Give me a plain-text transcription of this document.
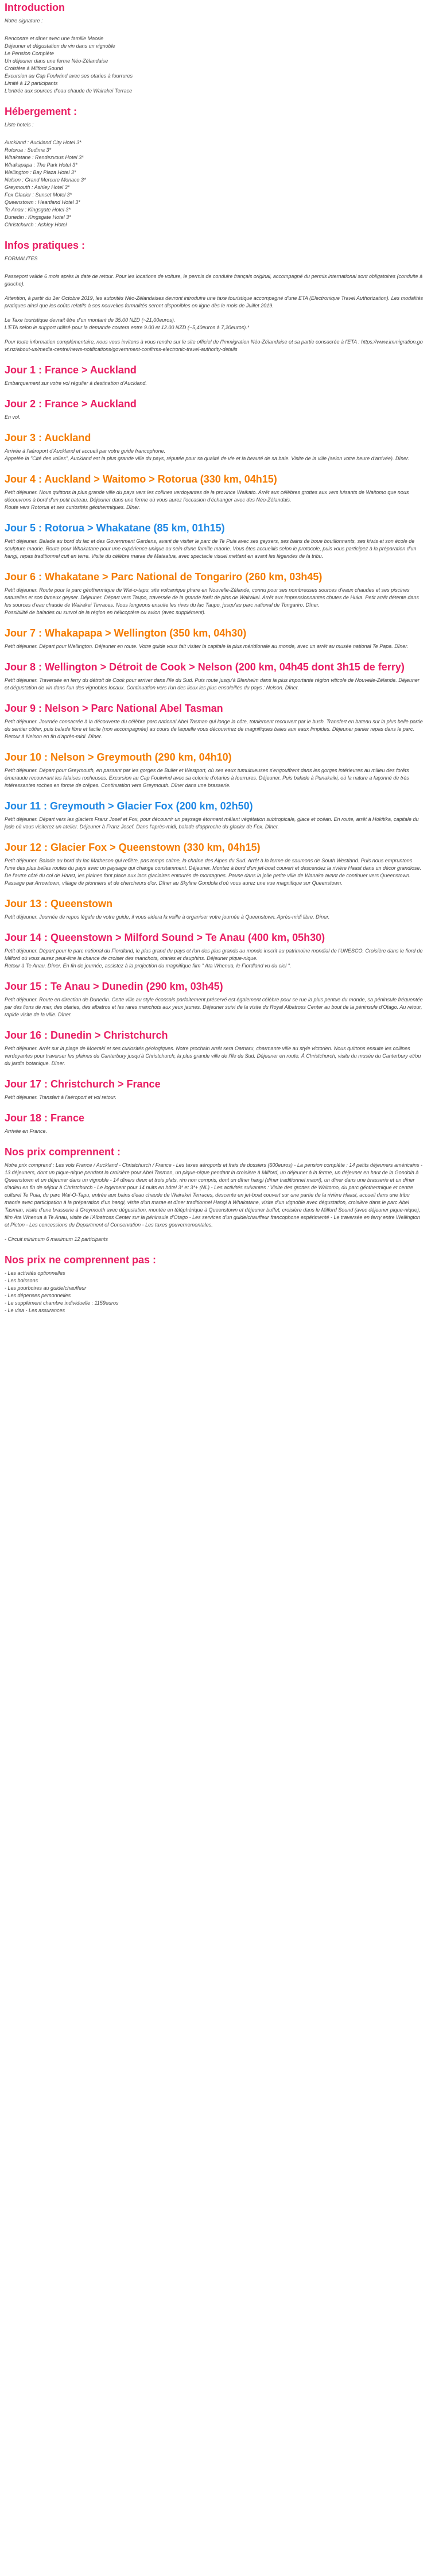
Introduction

Notre signature :

Rencontre et dîner avec une famille Maorie
Déjeuner et dégustation de vin dans un vignoble
Le Pension Complète
Un déjeuner dans une ferme Néo-Zélandaise
Croisière à Milford Sound
Excursion au Cap Foulwind avec ses otaries à fourrures
Limité à 12 participants
L'entrée aux sources d'eau chaude de Wairakei Terrace
Hébergement :

Liste hotels :

Auckland : Auckland City Hotel 3*
Rotorua : Sudima 3*
Whakatane : Rendezvous Hotel 3*
Whakapapa : The Park Hotel 3*
Wellington : Bay Plaza Hotel 3*
Nelson : Grand Mercure Monaco 3*
Greymouth : Ashley Hotel 3*
Fox Glacier : Sunset Motel 3*
Queenstown : Heartland Hotel 3*
Te Anau : Kingsgate Hotel 3*
Dunedin : Kingsgate Hotel 3*
Christchurch : Ashley Hotel
Infos pratiques :

FORMALITES

Passeport valide 6 mois après la date de retour. Pour les locations de voiture, le permis de conduire français original, accompagné du permis international sont obligatoires (conduite à gauche).

Attention, à partir du 1er Octobre 2019, les autorités Néo-Zélandaises devront introduire une taxe touristique accompagné d'une ETA (Electronique Travel Authorization). Les modalités pratiques ainsi que les coûts relatifs à ses nouvelles formalités seront disponibles en ligne dès le mois de Juillet 2019.

Le Taxe touristique devrait être d'un montant de 35.00 NZD (~21,00euros).
L'ETA selon le support utilisé pour la demande coutera entre 9.00 et 12.00 NZD (~5,40euros à 7,20euros).*

Pour toute information complémentaire, nous vous invitons à vous rendre sur le site officiel de l'Immigration Néo-Zélandaise et sa partie consacrée à l'ETA : https://www.immigration.govt.nz/about-us/media-centre/news-notifications/government-confirms-electronic-travel-authority-details

Jour 1 : France > Auckland

Embarquement sur votre vol régulier à destination d'Auckland.

Jour 2 : France > Auckland

En vol.

Jour 3 : Auckland

Arrivée à l'aéroport d'Auckland et accueil par votre guide francophone.
Appelée la "Cité des voiles", Auckland est la plus grande ville du pays, réputée pour sa qualité de vie et la beauté de sa baie. Visite de la ville (selon votre heure d'arrivée). Dîner.

Jour 4 : Auckland > Waitomo > Rotorua (330 km, 04h15)

Petit déjeuner. Nous quittons la plus grande ville du pays vers les collines verdoyantes de la province Waikato. Arrêt aux célèbres grottes aux vers luisants de Waitomo que nous découvrons à bord d'un petit bateau. Déjeuner dans une ferme où vous aurez l'occasion d'échanger avec des Néo-Zélandais.
Route vers Rotorua et ses curiosités géothermiques. Dîner.

Jour 5 : Rotorua > Whakatane (85 km, 01h15)

Petit déjeuner. Balade au bord du lac et des Government Gardens, avant de visiter le parc de Te Puia avec ses geysers, ses bains de boue bouillonnants, ses kiwis et son école de sculpture maorie. Route pour Whakatane pour une expérience unique au sein d'une famille maorie. Vous êtes accueillis selon le protocole, puis vous participez à la préparation d'un hangi, repas traditionnel cuit en terre. Visite du célèbre marae de Mataatua, avec spectacle visuel mettant en avant les légendes de la tribu.

Jour 6 : Whakatane > Parc National de Tongariro (260 km, 03h45)

Petit déjeuner. Route pour le parc géothermique de Wai-o-tapu, site volcanique phare en Nouvelle-Zélande, connu pour ses nombreuses sources d'eaux chaudes et ses piscines naturelles et son fameux geyser. Déjeuner. Départ vers Taupo, traversée de la grande forêt de pins de Wairakei. Arrêt aux impressionnantes chutes de Huka. Petit arrêt détente dans les sources d'eau chaude de Wairakei Terraces. Nous longeons ensuite les rives du lac Taupo, jusqu'au parc national de Tongariro. Dîner.
Possibilité de balades ou survol de la région en hélicoptère ou avion (avec supplément).

Jour 7 : Whakapapa > Wellington (350 km, 04h30)

Petit déjeuner. Départ pour Wellington. Déjeuner en route. Votre guide vous fait visiter la capitale la plus méridionale au monde, avec un arrêt au musée national Te Papa. Dîner.

Jour 8 : Wellington > Détroit de Cook > Nelson (200 km, 04h45 dont 3h15 de ferry)

Petit déjeuner. Traversée en ferry du détroit de Cook pour arriver dans l'île du Sud. Puis route jusqu'à Blenheim dans la plus importante région viticole de Nouvelle-Zélande. Déjeuner et dégustation de vin dans l'un des vignobles locaux. Continuation vers l'un des lieux les plus ensoleillés du pays : Nelson. Dîner.

Jour 9 : Nelson > Parc National Abel Tasman

Petit déjeuner. Journée consacrée à la découverte du célèbre parc national Abel Tasman qui longe la côte, totalement recouvert par le bush. Transfert en bateau sur la plus belle partie du sentier côtier, puis balade libre et facile (non accompagnée) au cours de laquelle vous découvrirez de magnifiques baies aux eaux limpides. Déjeuner panier repas dans le parc. Retour à Nelson en fin d'après-midi. Dîner.

Jour 10 : Nelson > Greymouth (290 km, 04h10)

Petit déjeuner. Départ pour Greymouth, en passant par les gorges de Buller et Westport, où ses eaux tumultueuses s'engouffrent dans les gorges intérieures au milieu des forêts émeraude recouvrant les falaises rocheuses. Excursion au Cap Foulwind avec sa colonie d'otaries à fourrures. Déjeuner. Puis balade à Punakaiki, où la nature a façonné de très intéressantes roches en forme de crêpes. Continuation vers Greymouth. Dîner dans une brasserie.

Jour 11 : Greymouth > Glacier Fox (200 km, 02h50)

Petit déjeuner. Départ vers les glaciers Franz Josef et Fox, pour découvrir un paysage étonnant mêlant végétation subtropicale, glace et océan. En route, arrêt à Hokitika, capitale du jade où vous visiterez un atelier. Déjeuner à Franz Josef. Dans l'après-midi, balade d'approche du glacier de Fox. Dîner.

Jour 12 : Glacier Fox > Queenstown (330 km, 04h15)

Petit déjeuner. Balade au bord du lac Matheson qui reflète, pas temps calme, la chaîne des Alpes du Sud. Arrêt à la ferme de saumons de South Westland. Puis nous empruntons l'une des plus belles routes du pays avec un paysage qui change constamment. Déjeuner. Montez à bord d'un jet-boat couvert et descendez la rivière Haast dans un décor grandiose. De l'autre côté du col de Haast, les plaines font place aux lacs glaciaires entourés de montagnes. Pause dans la jolie petite ville de Wanaka avant de continuer vers Queenstown. Passage par Arrowtown, village de pionniers et de chercheurs d'or. Dîner au Skyline Gondola d'où vous aurez une vue magnifique sur Queenstown.

Jour 13 : Queenstown

Petit déjeuner. Journée de repos légale de votre guide, il vous aidera la veille à organiser votre journée à Queenstown. Après-midi libre. Dîner.

Jour 14 : Queenstown > Milford Sound > Te Anau (400 km, 05h30)

Petit déjeuner. Départ pour le parc national du Fiordland, le plus grand du pays et l'un des plus grands au monde inscrit au patrimoine mondial de l'UNESCO. Croisière dans le fiord de Milford où vous aurez peut-être la chance de croiser des manchots, otaries et dauphins. Déjeuner pique-nique.
Retour à Te Anau. Dîner. En fin de journée, assistez à la projection du magnifique film " Ata Whenua, le Fiordland vu du ciel ".

Jour 15 : Te Anau > Dunedin (290 km, 03h45)

Petit déjeuner. Route en direction de Dunedin. Cette ville au style écossais parfaitement préservé est également célèbre pour se rue la plus pentue du monde, sa péninsule fréquentée par des lions de mer, des otaries, des albatros et les rares manchots aux yeux jaunes. Déjeuner suivi de la visite du Royal Albatross Center au bout de la péninsule d'Otago. Au retour, rapide visite de la ville. Dîner.

Jour 16 : Dunedin > Christchurch

Petit déjeuner. Arrêt sur la plage de Moeraki et ses curiosités géologiques. Notre prochain arrêt sera Oamaru, charmante ville au style victorien. Nous quittons ensuite les collines verdoyantes pour traverser les plaines du Canterbury jusqu'à Christchurch, la plus grande ville de l'île du Sud. Déjeuner en route. À Christchurch, visite du musée du Canterbury et/ou du jardin botanique. Dîner.

Jour 17 : Christchurch > France

Petit déjeuner. Transfert à l'aéroport et vol retour.

Jour 18 : France

Arrivée en France.

Nos prix comprennent :

Notre prix comprend : Les vols France / Auckland - Christchurch / France - Les taxes aéroports et frais de dossiers (600euros) - La pension complète : 14 petits déjeuners américains - 13 déjeuners, dont un pique-nique pendant la croisière pour Abel Tasman, un pique-nique pendant la croisière à Milford, un déjeuner à la ferme, un déjeuner en haut de la Gondola à Queenstown et un déjeuner dans un vignoble - 14 dîners deux et trois plats, rim non compris, dont un dîner hangi (dîner traditionnel maori), un dîner dans une brasserie et un dîner d'adieu en fin de séjour à Christchurch - Le logement pour 14 nuits en hôtel 3* et 3*+ (NL) - Les activités suivantes : Visite des grottes de Waitomo, du parc géothermique et centre culturel Te Puia, du parc Wai-O-Tapu, entrée aux bains d'eau chaude de Wairakei Terraces, descente en jet-boat couvert sur une partie de la rivière Haast, accueil dans une tribu maorie avec participation à la préparation d'un hangi, visite d'un marae et dîner traditionnel Hangi à Whakatane, visite d'un vignoble avec dégustation, croisière dans le parc Abel Tasman, visite d'une brasserie à Greymouth avec dégustation, montée en téléphérique à Queenstown et déjeuner buffet, croisière dans le Milford Sound (avec déjeuner pique-nique), film Ata Whenua à Te Anau, visite de l'Albatross Center sur la péninsule d'Otago - Les services d'un guide/chauffeur francophone expérimenté - Le traversée en ferry entre Wellington et Picton - Les concessions du Department of Conservation - Les taxes gouvernementales.

- Circuit minimum 6 maximum 12 participants

Nos prix ne comprennent pas :
- Les activités optionnelles
- Les boissons
- Les pourboires au guide/chauffeur
- Les dépenses personnelles
- Le supplément chambre individuelle : 1159euros
- Le visa - Les assurances
